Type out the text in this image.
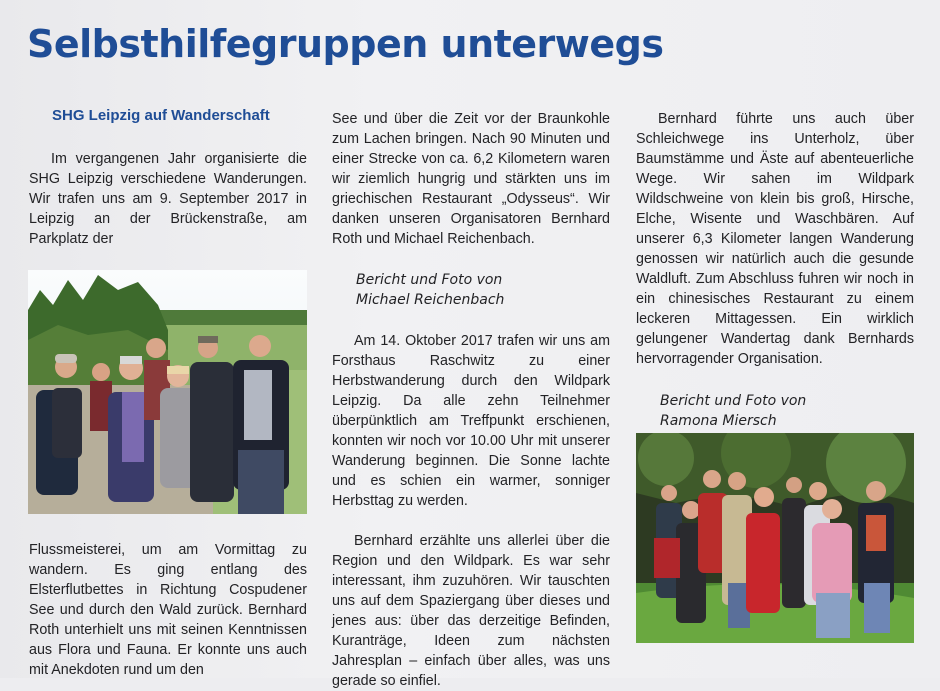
Selbsthilfegruppen unterwegs
SHG Leipzig auf Wanderschaft

Im vergangenen Jahr organisierte die SHG Leipzig verschiedene Wanderungen. Wir trafen uns am 9. September 2017 in Leipzig an der Brückenstraße, am Parkplatz der

Flussmeisterei, um am Vormittag zu wandern. Es ging entlang des Elsterflutbettes in Richtung Cospudener See und durch den Wald zurück. Bernhard Roth unterhielt uns mit seinen Kenntnissen aus Flora und Fauna. Er konnte uns auch mit Anekdoten rund um den

See und über die Zeit vor der Braunkohle zum Lachen bringen. Nach 90 Minuten und einer Strecke von ca. 6,2 Kilometern waren wir ziemlich hungrig und stärkten uns im griechischen Restaurant „Odysseus“. Wir danken unseren Organisatoren Bernhard Roth und Michael Reichenbach.

Bericht und Foto von
Michael Reichenbach

Am 14. Oktober 2017 trafen wir uns am Forsthaus Raschwitz zu einer Herbstwanderung durch den Wildpark Leipzig. Da alle zehn Teilnehmer überpünktlich am Treffpunkt erschienen, konnten wir noch vor 10.00 Uhr mit unserer Wanderung beginnen. Die Sonne lachte und es schien ein warmer, sonniger Herbsttag zu werden.

Bernhard erzählte uns allerlei über die Region und den Wildpark. Es war sehr interessant, ihm zuzuhören. Wir tauschten uns auf dem Spaziergang über dieses und jenes aus: über das derzeitige Befinden, Kuranträge, Ideen zum nächsten Jahresplan – einfach über alles, was uns gerade so einfiel.

Bernhard führte uns auch über Schleichwege ins Unterholz, über Baumstämme und Äste auf abenteuerliche Wege. Wir sahen im Wildpark Wildschweine von klein bis groß, Hirsche, Elche, Wisente und Waschbären. Auf unserer 6,3 Kilometer langen Wanderung genossen wir natürlich auch die gesunde Waldluft. Zum Abschluss fuhren wir noch in ein chinesisches Restaurant zu einem leckeren Mittagessen. Ein wirklich gelungener Wandertag dank Bernhards hervorragender Organisation.

Bericht und Foto von
Ramona Miersch
